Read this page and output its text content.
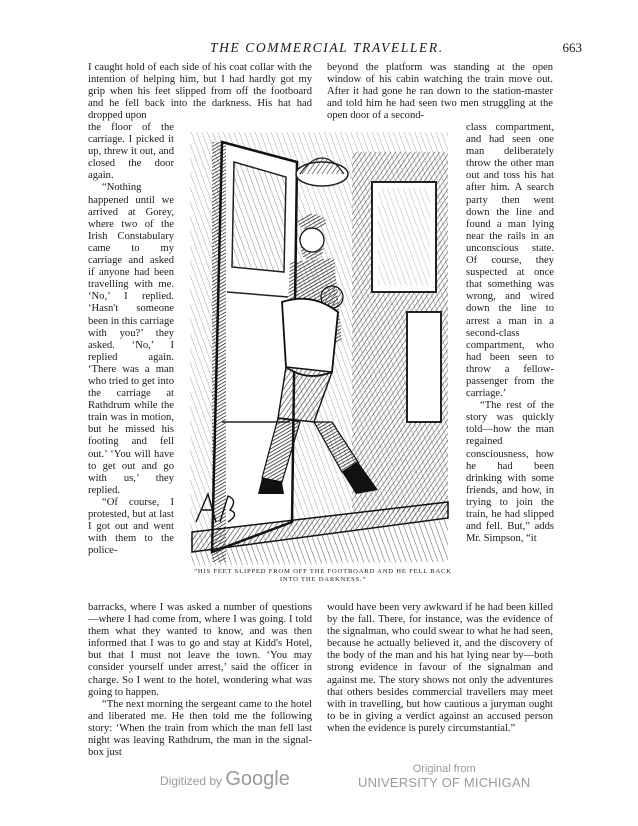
THE COMMERCIAL TRAVELLER.	663

I caught hold of each side of his coat collar with the intention of helping him, but I had hardly got my grip when his feet slipped from off the footboard and he fell back into the darkness. His hat had dropped upon

the floor of the carriage. I picked it up, threw it out, and closed the door again.

“Nothing happened until we arrived at Gorey, where two of the Irish Constabulary came to my carriage and asked if anyone had been travelling with me. ‘No,’ I replied. ‘Hasn't someone been in this carriage with you?’ they asked. ‘No,’ I replied again. ‘There was a man who tried to get into the carriage at Rathdrum while the train was in motion, but he missed his footing and fell out.’ ‘You will have to get out and go with us,’ they replied.

“Of course, I protested, but at last I got out and went with them to the police-

barracks, where I was asked a number of questions—where I had come from, where I was going. I told them what they wanted to know, and was then informed that I was to go and stay at Kidd's Hotel, but that I must not leave the town. ‘You may consider yourself under arrest,’ said the officer in charge. So I went to the hotel, wondering what was going to happen.

“The next morning the sergeant came to the hotel and liberated me. He then told me the following story: ‘When the train from which the man fell last night was leaving Rathdrum, the man in the signal-box just

beyond the platform was standing at the open window of his cabin watching the train move out. After it had gone he ran down to the station-master and told him he had seen two men struggling at the open door of a second-

class compartment, and had seen one man deliberately throw the other man out and toss his hat after him. A search party then went down the line and found a man lying near the rails in an unconscious state. Of course, they suspected at once that something was wrong, and wired down the line to arrest a man in a second-class compartment, who had been seen to throw a fellow-passenger from the carriage.’

“The rest of the story was quickly told—how the man regained consciousness, how he had been drinking with some friends, and how, in trying to join the train, he had slipped and fell. But,” adds Mr. Simpson, “it

would have been very awkward if he had been killed by the fall. There, for instance, was the evidence of the signalman, who could swear to what he had seen, because he actually believed it, and the discovery of the body of the man and his hat lying near by—both strong evidence in favour of the signalman and against me. The story shows not only the adventures that others besides commercial travellers may meet with in travelling, but how cautious a juryman ought to be in giving a verdict against an accused person when the evidence is purely circumstantial.”

“HIS FEET SLIPPED FROM OFF THE FOOTBOARD AND HE FELL BACK INTO THE DARKNESS.”
Digitized by Google	Original from
UNIVERSITY OF MICHIGAN
